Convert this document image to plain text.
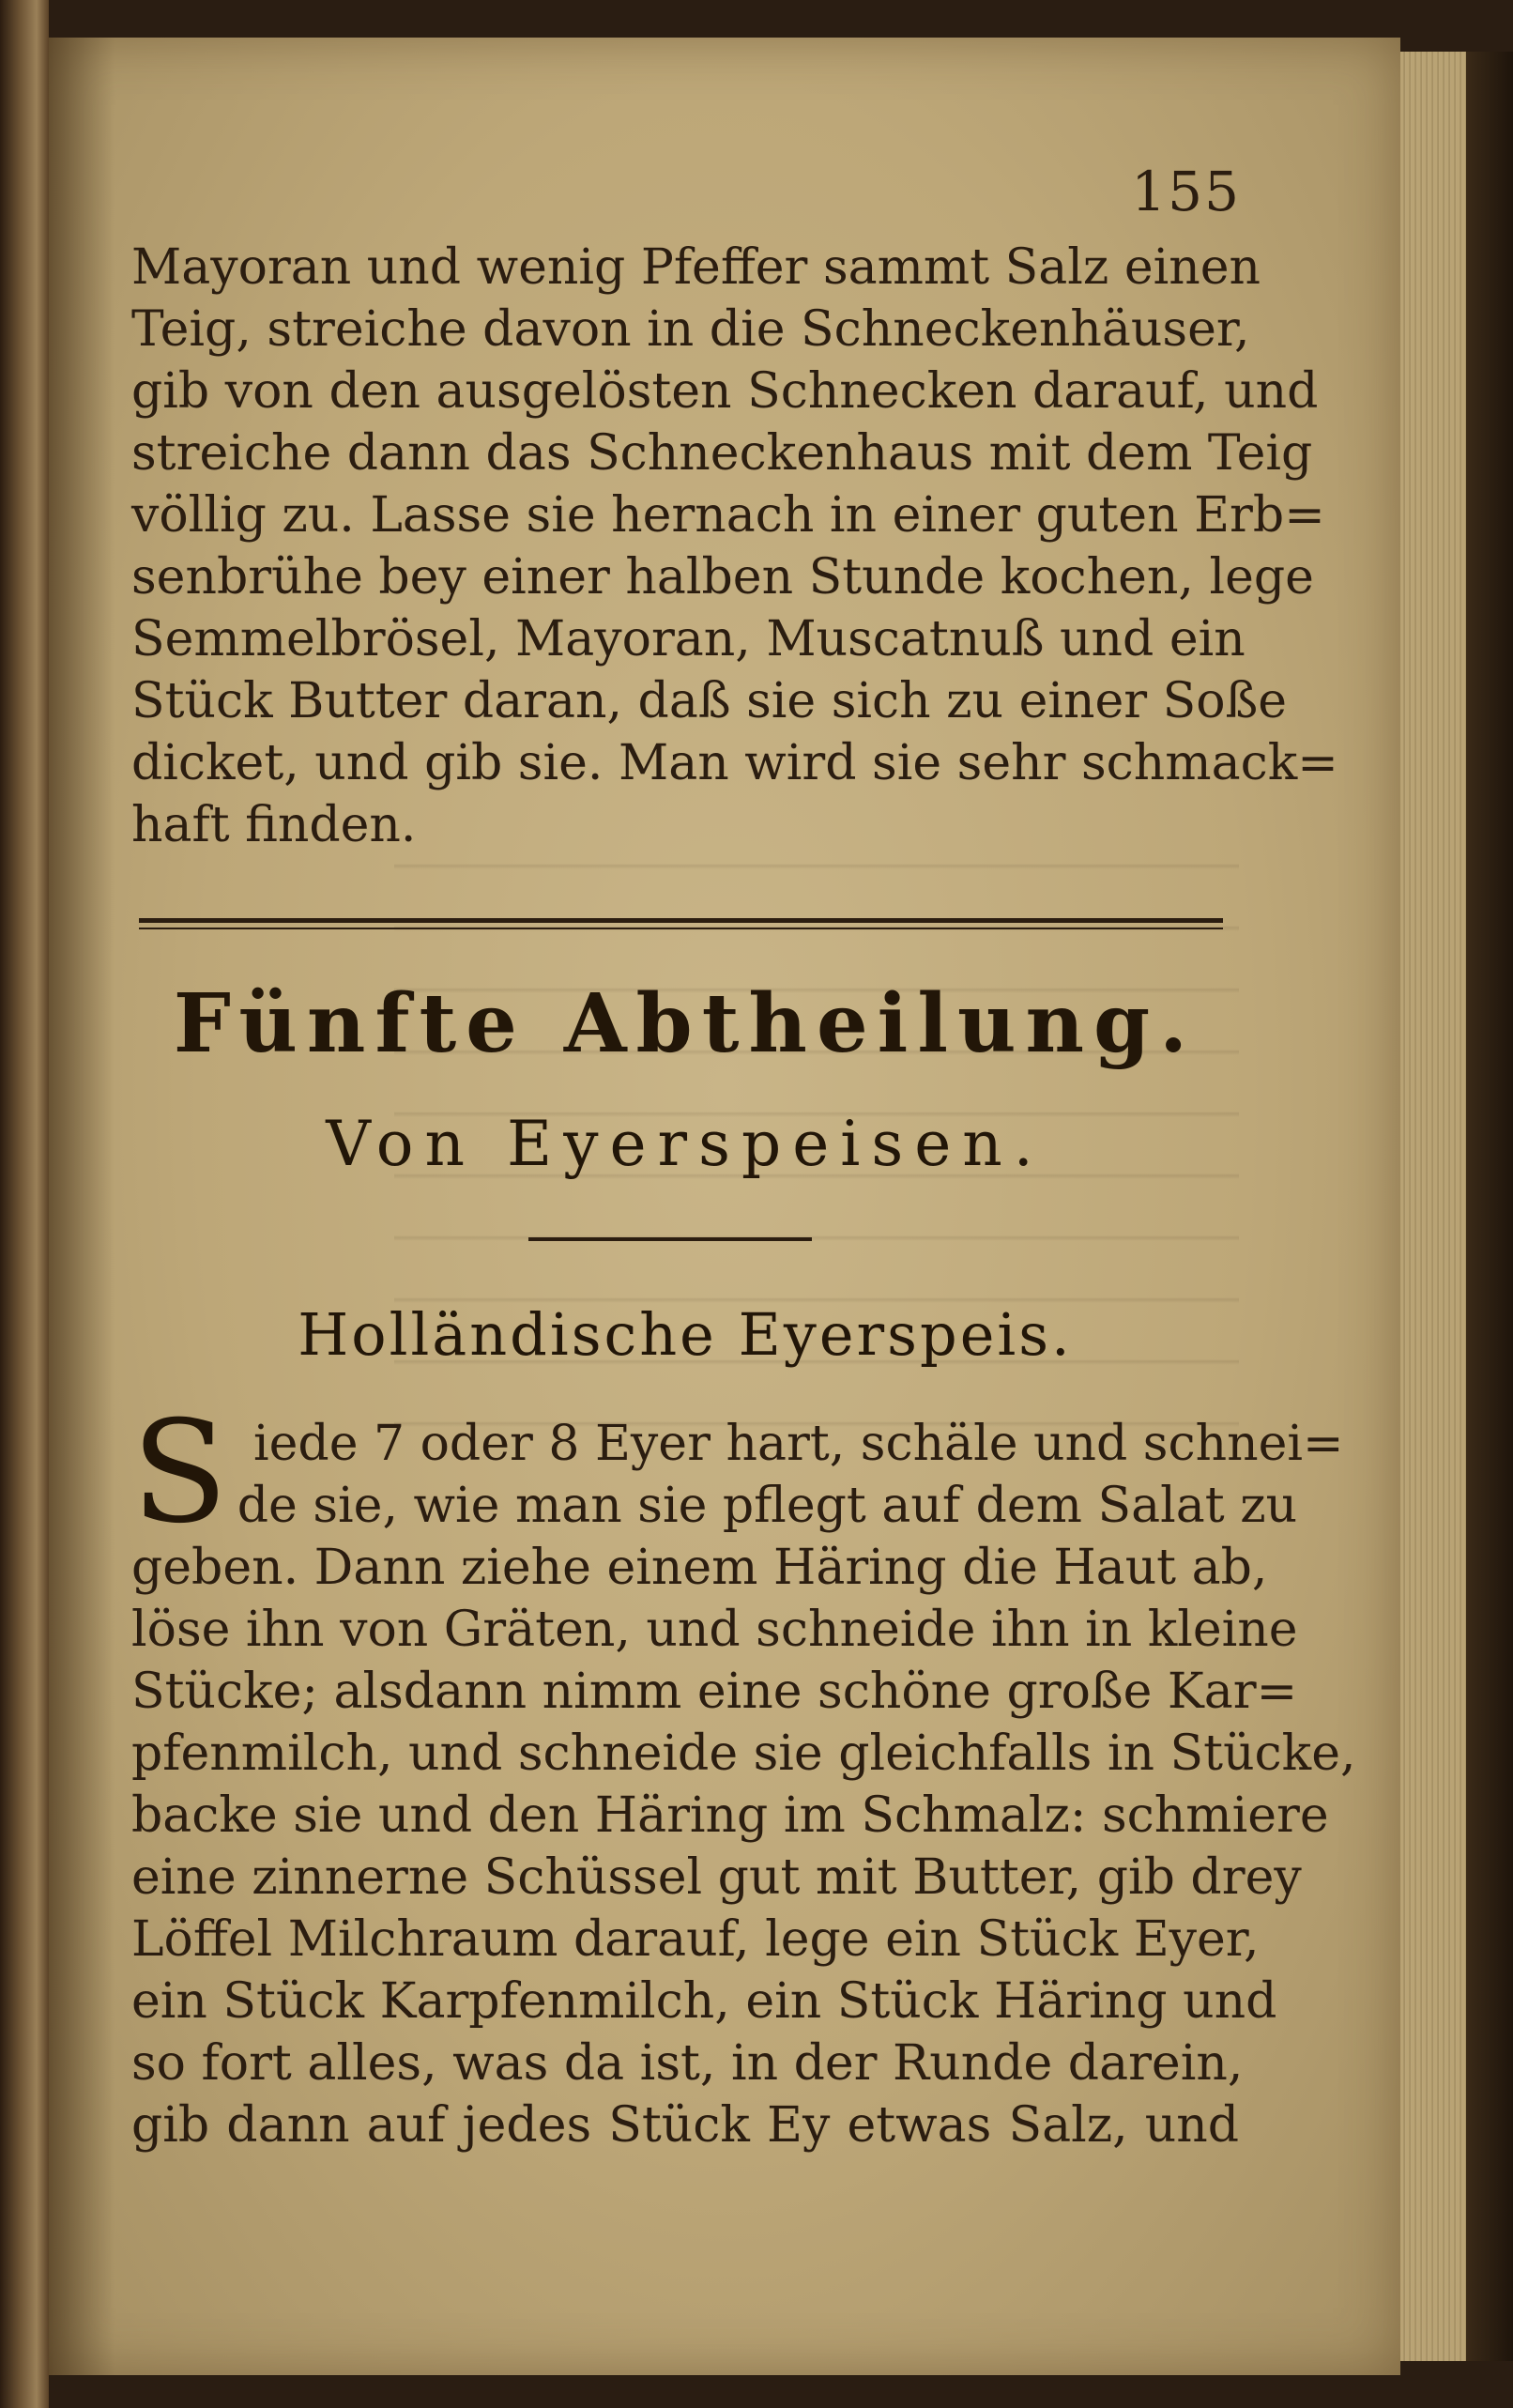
155
Mayoran und wenig Pfeffer sammt Salz einen
Teig, streiche davon in die Schneckenhäuser,
gib von den ausgelösten Schnecken darauf, und
streiche dann das Schneckenhaus mit dem Teig
völlig zu. Lasse sie hernach in einer guten Erb=
senbrühe bey einer halben Stunde kochen, lege
Semmelbrösel, Mayoran, Muscatnuß und ein
Stück Butter daran, daß sie sich zu einer Soße
dicket, und gib sie. Man wird sie sehr schmack=
haft finden.
Fünfte Abtheilung.
Von Eyerspeisen.
Holländische Eyerspeis.
S iede 7 oder 8 Eyer hart, schäle und schnei=
de sie, wie man sie pflegt auf dem Salat zu
geben. Dann ziehe einem Häring die Haut ab,
löse ihn von Gräten, und schneide ihn in kleine
Stücke; alsdann nimm eine schöne große Kar=
pfenmilch, und schneide sie gleichfalls in Stücke,
backe sie und den Häring im Schmalz: schmiere
eine zinnerne Schüssel gut mit Butter, gib drey
Löffel Milchraum darauf, lege ein Stück Eyer,
ein Stück Karpfenmilch, ein Stück Häring und
so fort alles, was da ist, in der Runde darein,
gib dann auf jedes Stück Ey etwas Salz, und
